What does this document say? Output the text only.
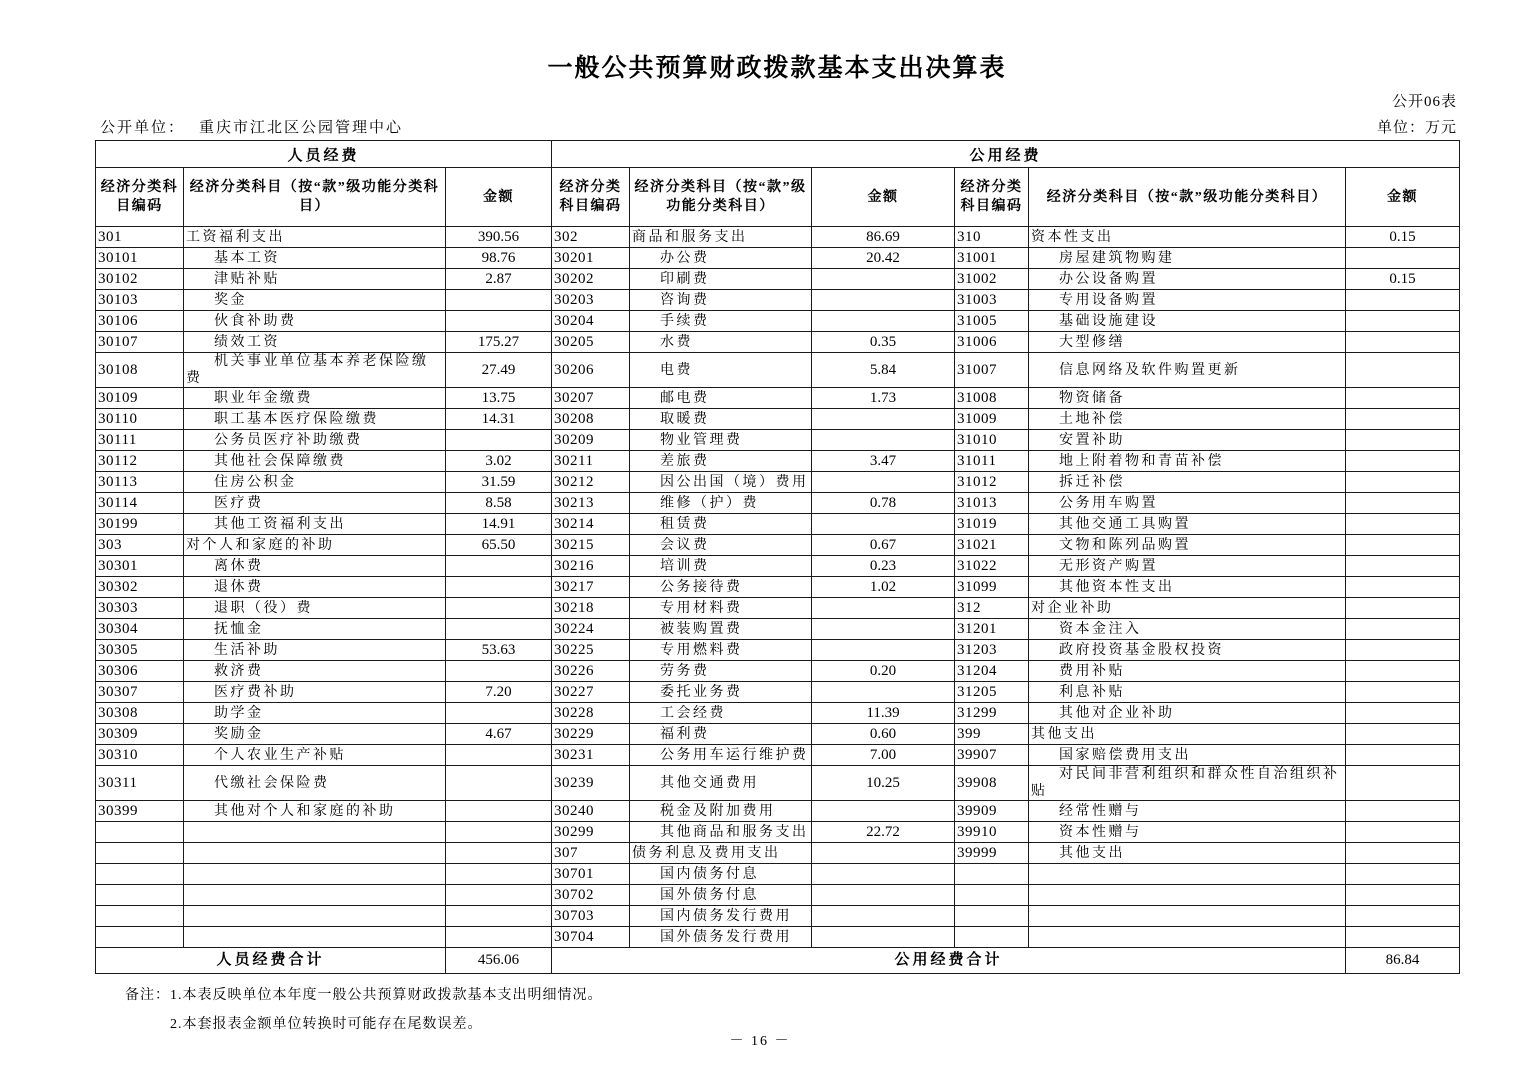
一般公共预算财政拨款基本支出决算表
公开06表
公开单位： 重庆市江北区公园管理中心	单位：万元
人员经费			公用经费					
经济分类科目编码	经济分类科目（按“款”级功能分类科目）	金额	经济分类科目编码	经济分类科目（按“款”级功能分类科目）	金额	经济分类科目编码	经济分类科目（按“款”级功能分类科目）	金额
301	工资福利支出	390.56	302	商品和服务支出	86.69	310	资本性支出	0.15
30101	基本工资	98.76	30201	办公费	20.42	31001	房屋建筑物购建	
30102	津贴补贴	2.87	30202	印刷费		31002	办公设备购置	0.15
30103	奖金		30203	咨询费		31003	专用设备购置	
30106	伙食补助费		30204	手续费		31005	基础设施建设	
30107	绩效工资	175.27	30205	水费	0.35	31006	大型修缮	
30108	机关事业单位基本养老保险缴费	27.49	30206	电费	5.84	31007	信息网络及软件购置更新	
30109	职业年金缴费	13.75	30207	邮电费	1.73	31008	物资储备	
30110	职工基本医疗保险缴费	14.31	30208	取暖费		31009	土地补偿	
30111	公务员医疗补助缴费		30209	物业管理费		31010	安置补助	
30112	其他社会保障缴费	3.02	30211	差旅费	3.47	31011	地上附着物和青苗补偿	
30113	住房公积金	31.59	30212	因公出国（境）费用		31012	拆迁补偿	
30114	医疗费	8.58	30213	维修（护）费	0.78	31013	公务用车购置	
30199	其他工资福利支出	14.91	30214	租赁费		31019	其他交通工具购置	
303	对个人和家庭的补助	65.50	30215	会议费	0.67	31021	文物和陈列品购置	
30301	离休费		30216	培训费	0.23	31022	无形资产购置	
30302	退休费		30217	公务接待费	1.02	31099	其他资本性支出	
30303	退职（役）费		30218	专用材料费		312	对企业补助	
30304	抚恤金		30224	被装购置费		31201	资本金注入	
30305	生活补助	53.63	30225	专用燃料费		31203	政府投资基金股权投资	
30306	救济费		30226	劳务费	0.20	31204	费用补贴	
30307	医疗费补助	7.20	30227	委托业务费		31205	利息补贴	
30308	助学金		30228	工会经费	11.39	31299	其他对企业补助	
30309	奖励金	4.67	30229	福利费	0.60	399	其他支出	
30310	个人农业生产补贴		30231	公务用车运行维护费	7.00	39907	国家赔偿费用支出	
30311	代缴社会保险费		30239	其他交通费用	10.25	39908	对民间非营利组织和群众性自治组织补贴	
30399	其他对个人和家庭的补助		30240	税金及附加费用		39909	经常性赠与	
			30299	其他商品和服务支出	22.72	39910	资本性赠与	
			307	债务利息及费用支出		39999	其他支出	
			30701	国内债务付息				
			30702	国外债务付息				
			30703	国内债务发行费用				
			30704	国外债务发行费用				
人员经费合计		456.06	公用经费合计					86.84
备注： 1.本表反映单位本年度一般公共预算财政拨款基本支出明细情况。
2.本套报表金额单位转换时可能存在尾数误差。
－ 16 －
